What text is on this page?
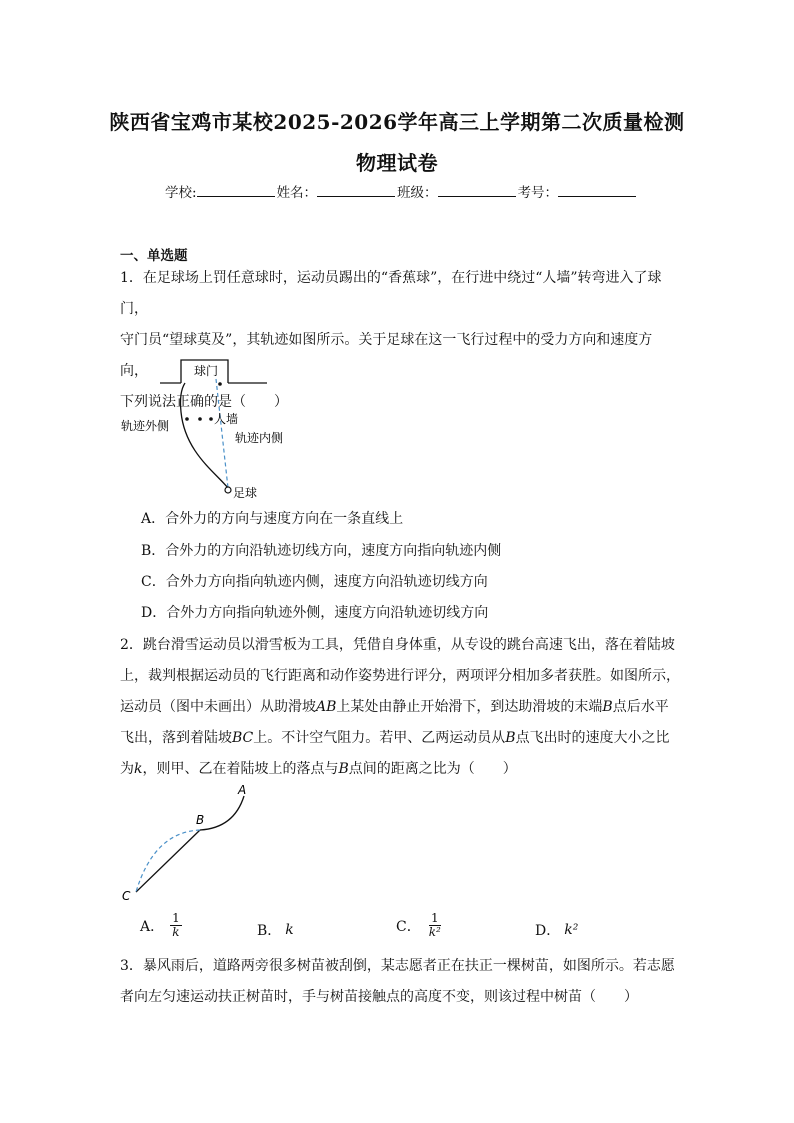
陕西省宝鸡市某校2025-2026学年高三上学期第二次质量检测
物理试卷
学校:	姓名：	班级：	考号：
一、单选题
1．在足球场上罚任意球时，运动员踢出的“香蕉球”，在行进中绕过“人墙”转弯进入了球门，
守门员“望球莫及”，其轨迹如图所示。关于足球在这一飞行过程中的受力方向和速度方向，
下列说法正确的是（　　）
球门
人墙
轨迹外侧
轨迹内侧
足球
A．合外力的方向与速度方向在一条直线上
B．合外力的方向沿轨迹切线方向，速度方向指向轨迹内侧
C．合外力方向指向轨迹内侧，速度方向沿轨迹切线方向
D．合外力方向指向轨迹外侧，速度方向沿轨迹切线方向
2．跳台滑雪运动员以滑雪板为工具，凭借自身体重，从专设的跳台高速飞出，落在着陆坡
上，裁判根据运动员的飞行距离和动作姿势进行评分，两项评分相加多者获胜。如图所示，
运动员（图中未画出）从助滑坡AB上某处由静止开始滑下，到达助滑坡的末端B点后水平
飞出，落到着陆坡BC上。不计空气阻力。若甲、乙两运动员从B点飞出时的速度大小之比
为k，则甲、乙在着陆坡上的落点与B点间的距离之比为（　　）
A
B
C
A． $\frac{1}{k}$	B． k	C． $\frac{1}{\text{k²}}$	D． k²
3．暴风雨后，道路两旁很多树苗被刮倒，某志愿者正在扶正一棵树苗，如图所示。若志愿
者向左匀速运动扶正树苗时，手与树苗接触点的高度不变，则该过程中树苗（　　）
